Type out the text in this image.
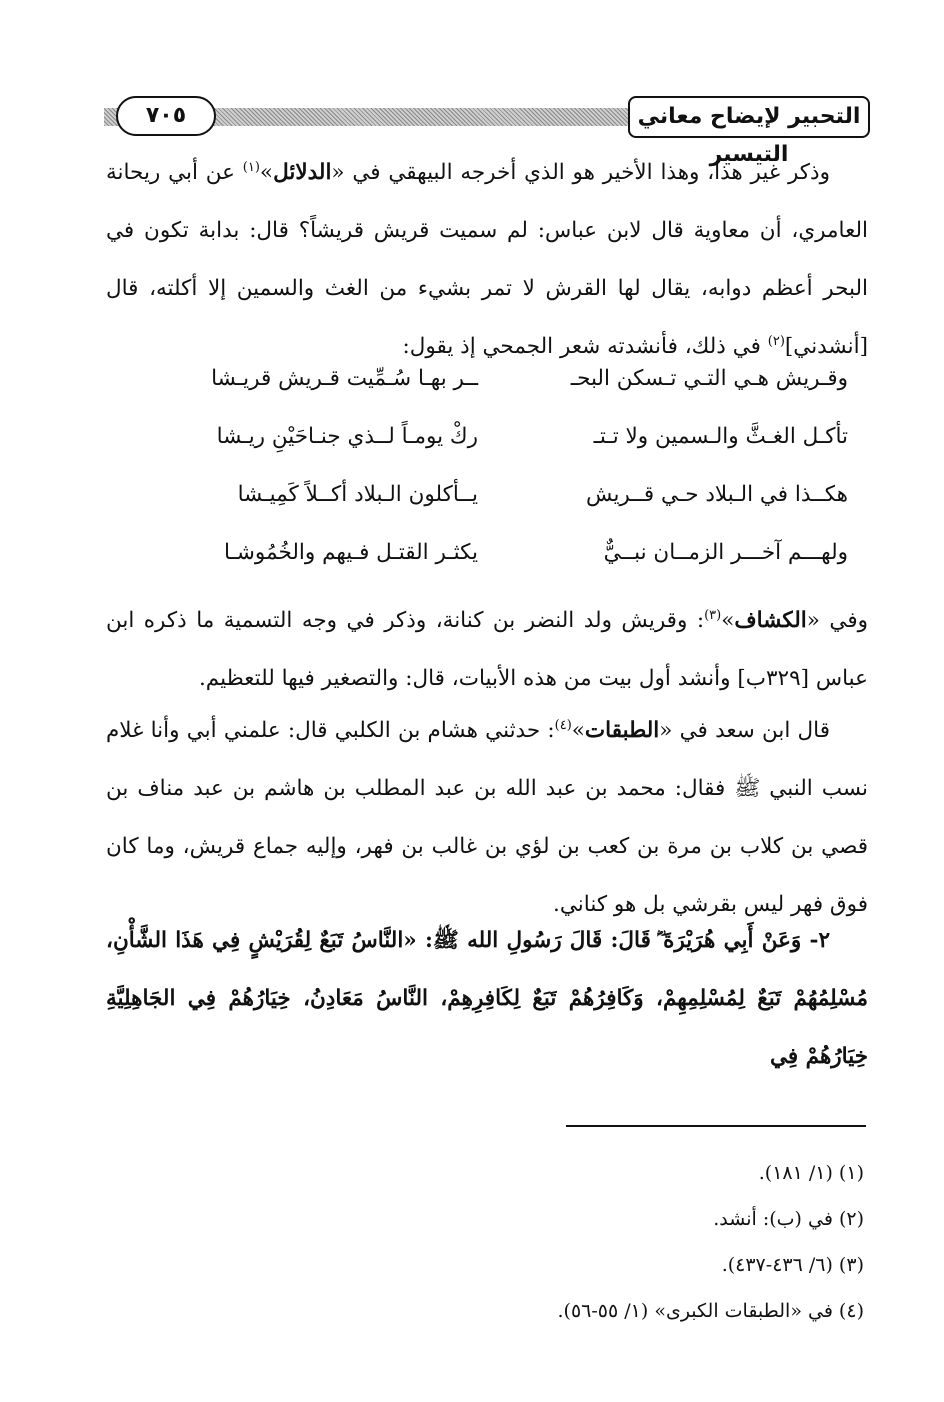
التحبير لإيضاح معاني التيسير
٧٠٥
وذكر غير هذا، وهذا الأخير هو الذي أخرجه البيهقي في «الدلائل»$^{(١)}$ عن أبي ريحانة العامري، أن معاوية قال لابن عباس: لم سميت قريش قريشاً؟ قال: بدابة تكون في البحر أعظم دوابه، يقال لها القرش لا تمر بشيء من الغث والسمين إلا أكلته، قال [أنشدني]$^{(٢)}$ في ذلك، فأنشدته شعر الجمحي إذ يقول:
وقـريش هـي التـي تـسكن البحـ
ــر بهـا سُـمِّيت قـريش قريـشا
تأكـل الغـثَّ والـسمين ولا تـتـ
ركْ يومـاً لــذي جنـاحَيْنِ ريـشا
هكــذا في الـبلاد حـي قــريش
يــأكلون الـبلاد أكــلاً كَمِيـشا
ولهـــم آخـــر الزمــان نبــيٌّ
يكثـر القتـل فـيهم والخُمُوشـا
وفي «الكشاف»$^{(٣)}$: وقريش ولد النضر بن كنانة، وذكر في وجه التسمية ما ذكره ابن عباس [٣٢٩ب] وأنشد أول بيت من هذه الأبيات، قال: والتصغير فيها للتعظيم.
قال ابن سعد في «الطبقات»$^{(٤)}$: حدثني هشام بن الكلبي قال: علمني أبي وأنا غلام نسب النبي ﷺ فقال: محمد بن عبد الله بن عبد المطلب بن هاشم بن عبد مناف بن قصي بن كلاب بن مرة بن كعب بن لؤي بن غالب بن فهر، وإليه جماع قريش، وما كان فوق فهر ليس بقرشي بل هو كناني.
٢- وَعَنْ أَبِي هُرَيْرَةَ ؓ قَالَ: قَالَ رَسُولِ الله ﷺ: «النَّاسُ تَبَعٌ لِقُرَيْشٍ فِي هَذَا الشَّأْنِ، مُسْلِمُهُمْ تَبَعٌ لِمُسْلِمِهِمْ، وَكَافِرُهُمْ تَبَعٌ لِكَافِرِهِمْ، النَّاسُ مَعَادِنُ، خِيَارُهُمْ فِي الجَاهِلِيَّةِ خِيَارُهُمْ فِي
(١) (١/ ١٨١).
(٢) في (ب): أنشد.
(٣) (٦/ ٤٣٦-٤٣٧).
(٤) في «الطبقات الكبرى» (١/ ٥٥-٥٦).
